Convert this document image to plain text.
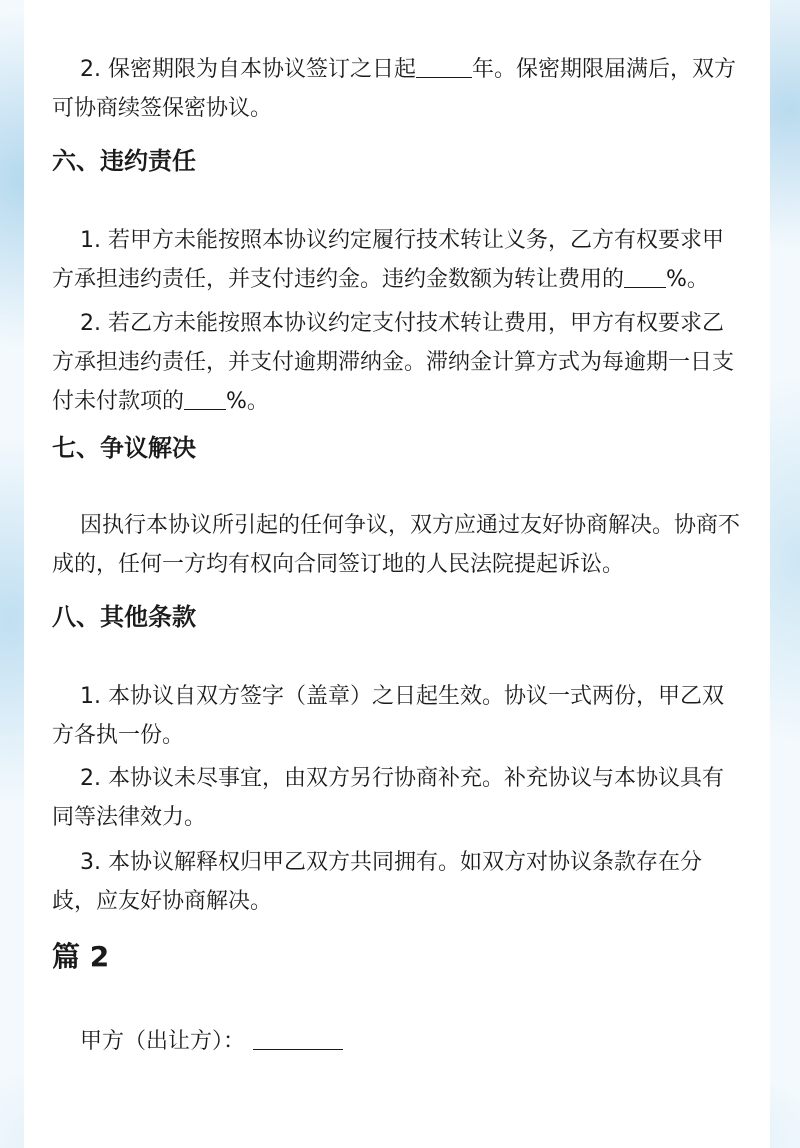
2. 保密期限为自本协议签订之日起	年。保密期限届满后，双方可协商续签保密协议。

六、违约责任

1. 若甲方未能按照本协议约定履行技术转让义务，乙方有权要求甲方承担违约责任，并支付违约金。违约金数额为转让费用的 %。

2. 若乙方未能按照本协议约定支付技术转让费用，甲方有权要求乙方承担违约责任，并支付逾期滞纳金。滞纳金计算方式为每逾期一日支付未付款项的 %。

七、争议解决

因执行本协议所引起的任何争议，双方应通过友好协商解决。协商不成的，任何一方均有权向合同签订地的人民法院提起诉讼。

八、其他条款

1. 本协议自双方签字（盖章）之日起生效。协议一式两份，甲乙双方各执一份。

2. 本协议未尽事宜，由双方另行协商补充。补充协议与本协议具有同等法律效力。

3. 本协议解释权归甲乙双方共同拥有。如双方对协议条款存在分歧，应友好协商解决。

篇 2

甲方（出让方）：
